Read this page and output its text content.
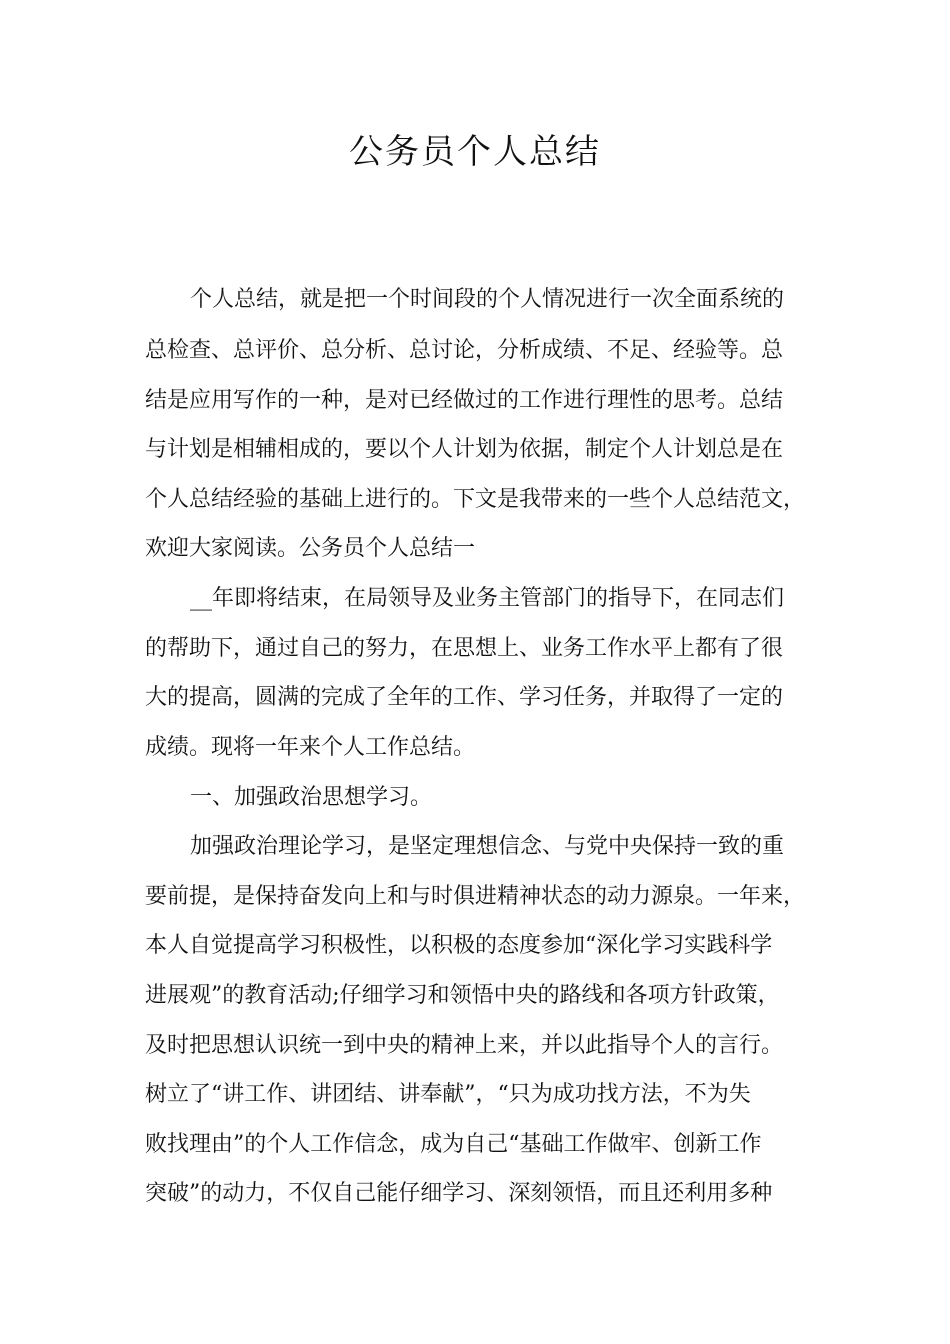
公务员个人总结

个人总结，就是把一个时间段的个人情况进行一次全面系统的

总检查、总评价、总分析、总讨论，分析成绩、不足、经验等。总

结是应用写作的一种，是对已经做过的工作进行理性的思考。总结

与计划是相辅相成的，要以个人计划为依据，制定个人计划总是在

个人总结经验的基础上进行的。下文是我带来的一些个人总结范文，

欢迎大家阅读。公务员个人总结一

__年即将结束，在局领导及业务主管部门的指导下，在同志们

的帮助下，通过自己的努力，在思想上、业务工作水平上都有了很

大的提高，圆满的完成了全年的工作、学习任务，并取得了一定的

成绩。现将一年来个人工作总结。

一、加强政治思想学习。

加强政治理论学习，是坚定理想信念、与党中央保持一致的重

要前提，是保持奋发向上和与时俱进精神状态的动力源泉。一年来，

本人自觉提高学习积极性，以积极的态度参加“深化学习实践科学

进展观”的教育活动;仔细学习和领悟中央的路线和各项方针政策，

及时把思想认识统一到中央的精神上来，并以此指导个人的言行。

树立了“讲工作、讲团结、讲奉献”，“只为成功找方法，不为失

败找理由”的个人工作信念，成为自己“基础工作做牢、创新工作

突破”的动力，不仅自己能仔细学习、深刻领悟，而且还利用多种
